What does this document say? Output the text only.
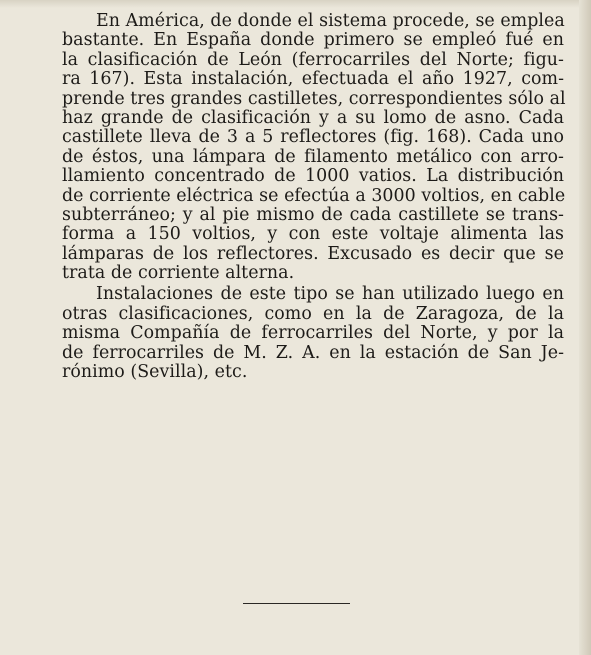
En América, de donde el sistema procede, se emplea
bastante. En España donde primero se empleó fué en
la clasificación de León (ferrocarriles del Norte; figu-
ra 167). Esta instalación, efectuada el año 1927, com-
prende tres grandes castilletes, correspondientes sólo al
haz grande de clasificación y a su lomo de asno. Cada
castillete lleva de 3 a 5 reflectores (fig. 168). Cada uno
de éstos, una lámpara de filamento metálico con arro-
llamiento concentrado de 1000 vatios. La distribución
de corriente eléctrica se efectúa a 3000 voltios, en cable
subterráneo; y al pie mismo de cada castillete se trans-
forma a 150 voltios, y con este voltaje alimenta las
lámparas de los reflectores. Excusado es decir que se
trata de corriente alterna.
Instalaciones de este tipo se han utilizado luego en
otras clasificaciones, como en la de Zaragoza, de la
misma Compañía de ferrocarriles del Norte, y por la
de ferrocarriles de M. Z. A. en la estación de San Je-
rónimo (Sevilla), etc.
